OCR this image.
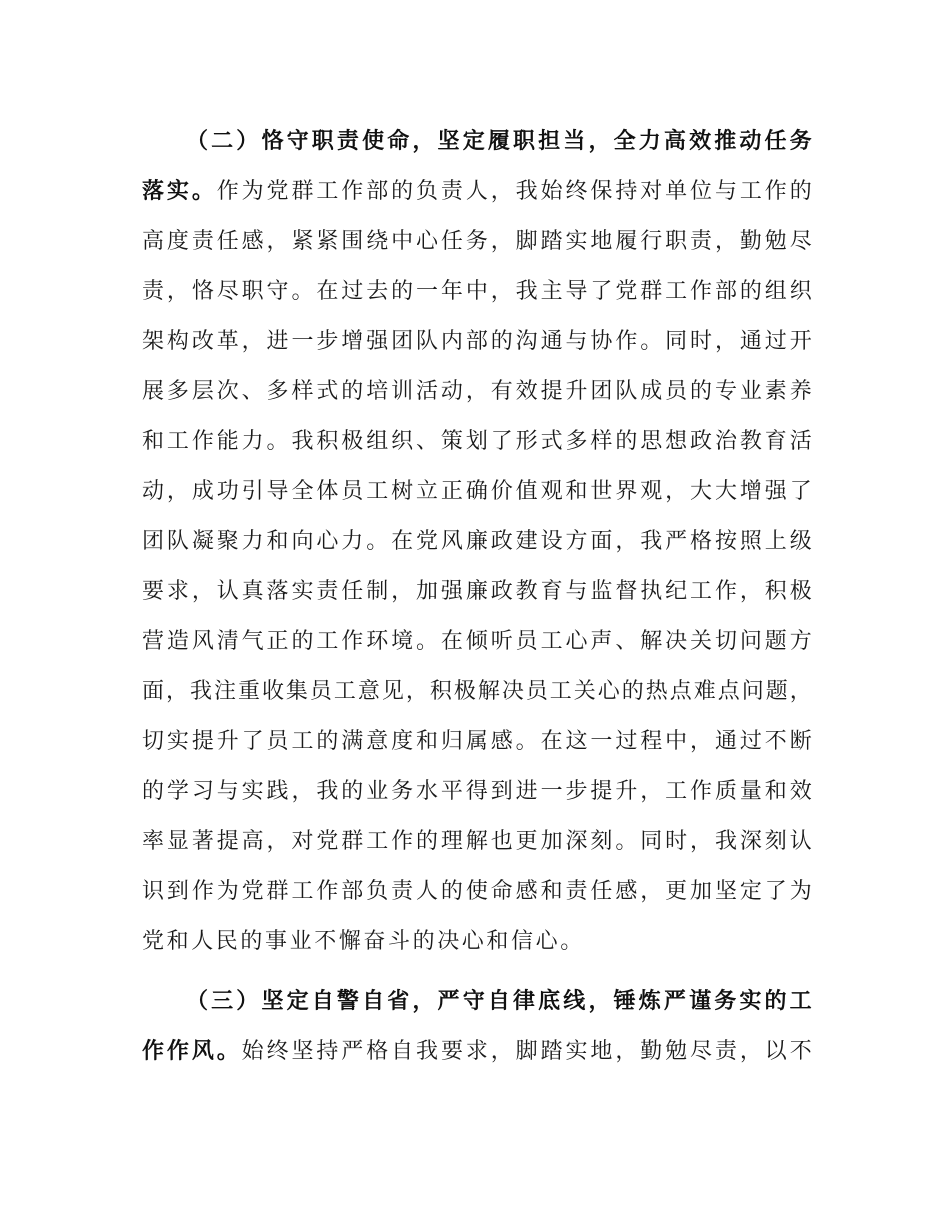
（二）恪守职责使命，坚定履职担当，全力高效推动任务
落实。作为党群工作部的负责人，我始终保持对单位与工作的
高度责任感，紧紧围绕中心任务，脚踏实地履行职责，勤勉尽
责，恪尽职守。在过去的一年中，我主导了党群工作部的组织
架构改革，进一步增强团队内部的沟通与协作。同时，通过开
展多层次、多样式的培训活动，有效提升团队成员的专业素养
和工作能力。我积极组织、策划了形式多样的思想政治教育活
动，成功引导全体员工树立正确价值观和世界观，大大增强了
团队凝聚力和向心力。在党风廉政建设方面，我严格按照上级
要求，认真落实责任制，加强廉政教育与监督执纪工作，积极
营造风清气正的工作环境。在倾听员工心声、解决关切问题方
面，我注重收集员工意见，积极解决员工关心的热点难点问题，
切实提升了员工的满意度和归属感。在这一过程中，通过不断
的学习与实践，我的业务水平得到进一步提升，工作质量和效
率显著提高，对党群工作的理解也更加深刻。同时，我深刻认
识到作为党群工作部负责人的使命感和责任感，更加坚定了为
党和人民的事业不懈奋斗的决心和信心。
（三）坚定自警自省，严守自律底线，锤炼严谨务实的工
作作风。始终坚持严格自我要求，脚踏实地，勤勉尽责，以不
